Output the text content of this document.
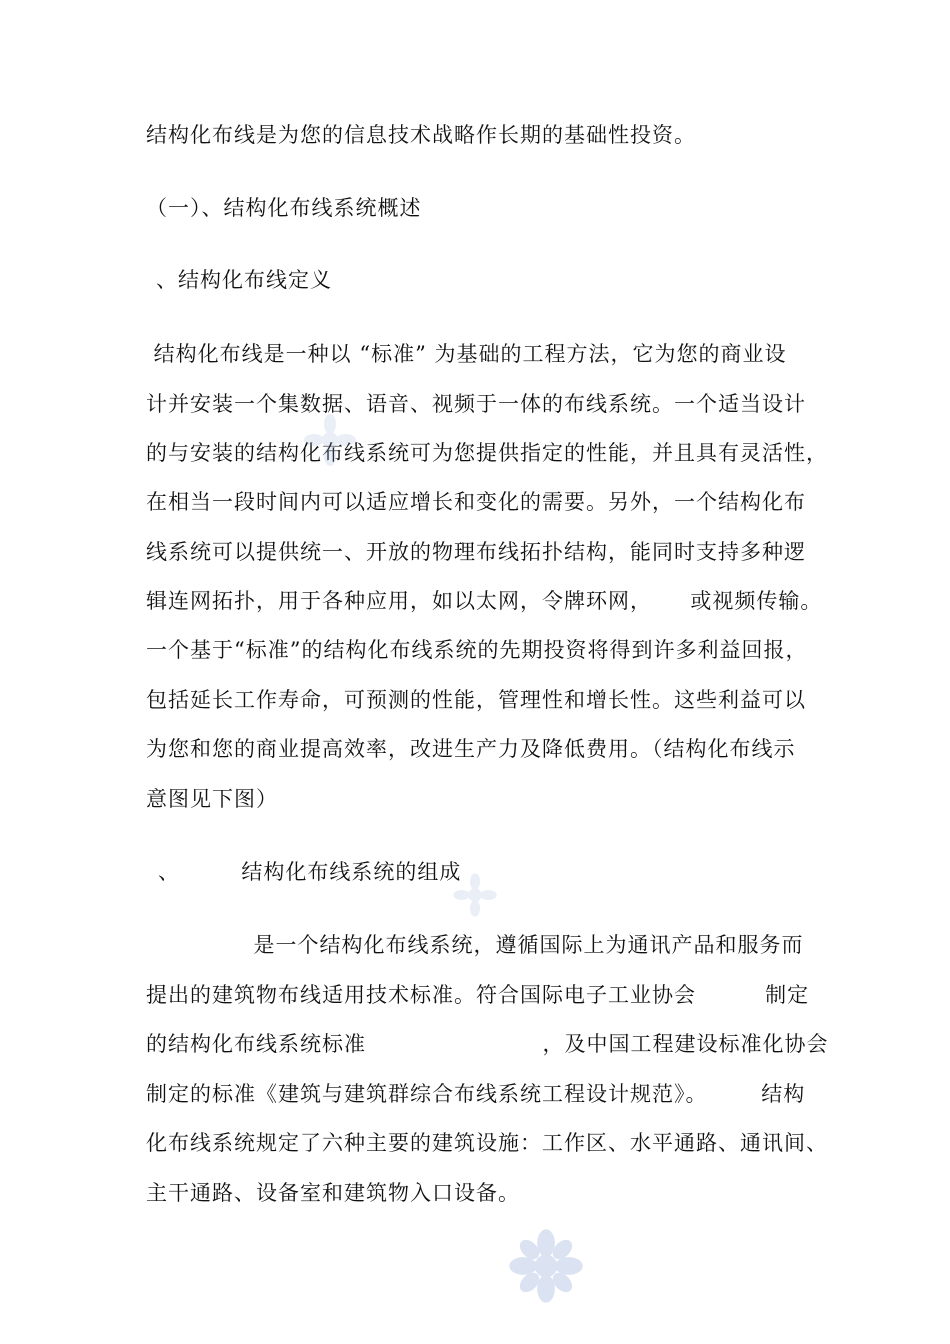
结构化布线是为您的信息技术战略作长期的基础性投资。
（一）、结构化布线系统概述
、结构化布线定义
结构化布线是一种以 “标准” 为基础的工程方法，它为您的商业设
计并安装一个集数据、语音、视频于一体的布线系统。一个适当设计
的与安装的结构化布线系统可为您提供指定的性能，并且具有灵活性，
在相当一段时间内可以适应增长和变化的需要。另外，一个结构化布
线系统可以提供统一、开放的物理布线拓扑结构，能同时支持多种逻
辑连网拓扑，用于各种应用，如以太网，令牌环网，     或视频传输。
一个基于“标准”的结构化布线系统的先期投资将得到许多利益回报，
包括延长工作寿命，可预测的性能，管理性和增长性。这些利益可以
为您和您的商业提高效率，改进生产力及降低费用。（结构化布线示
意图见下图）
、        结构化布线系统的组成
是一个结构化布线系统，遵循国际上为通讯产品和服务而
提出的建筑物布线适用技术标准。符合国际电子工业协会         制定
的结构化布线系统标准                       ，及中国工程建设标准化协会
制定的标准《建筑与建筑群综合布线系统工程设计规范》。       结构
化布线系统规定了六种主要的建筑设施：工作区、水平通路、通讯间、
主干通路、设备室和建筑物入口设备。
